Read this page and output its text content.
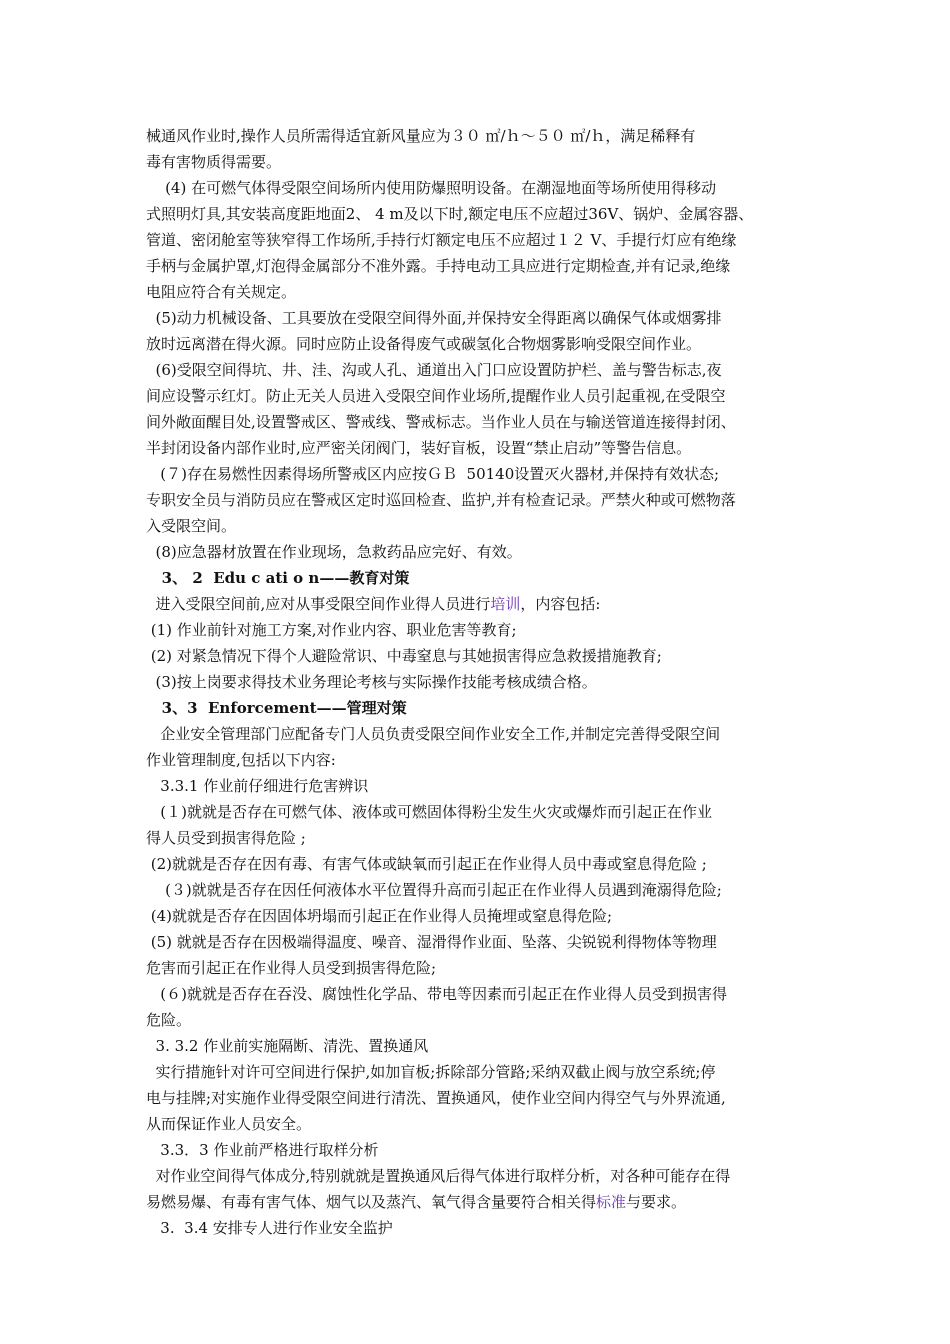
械通风作业时,操作人员所需得适宜新风量应为３０ ㎡/ｈ～５０ ㎡/ｈ，满足稀释有
毒有害物质得需要。
(4) 在可燃气体得受限空间场所内使用防爆照明设备。在潮湿地面等场所使用得移动
式照明灯具,其安装高度距地面2、 4 m及以下时,额定电压不应超过36V、锅炉、金属容器、
管道、密闭舱室等狭窄得工作场所,手持行灯额定电压不应超过１２ V、手提行灯应有绝缘
手柄与金属护罩,灯泡得金属部分不准外露。手持电动工具应进行定期检查,并有记录,绝缘
电阻应符合有关规定。
(5)动力机械设备、工具要放在受限空间得外面,并保持安全得距离以确保气体或烟雾排
放时远离潜在得火源。同时应防止设备得废气或碳氢化合物烟雾影响受限空间作业。
(6)受限空间得坑、井、洼、沟或人孔、通道出入门口应设置防护栏、盖与警告标志,夜
间应设警示红灯。防止无关人员进入受限空间作业场所,提醒作业人员引起重视,在受限空
间外敞面醒目处,设置警戒区、警戒线、警戒标志。当作业人员在与输送管道连接得封闭、
半封闭设备内部作业时,应严密关闭阀门，装好盲板，设置“禁止启动”等警告信息。
(７)存在易燃性因素得场所警戒区内应按ＧＢ  50140设置灭火器材,并保持有效状态;
专职安全员与消防员应在警戒区定时巡回检查、监护,并有检查记录。严禁火种或可燃物落
入受限空间。
(8)应急器材放置在作业现场，急救药品应完好、有效。
3、 2  Edu c ati o n——教育对策
进入受限空间前,应对从事受限空间作业得人员进行培训，内容包括:
(1) 作业前针对施工方案,对作业内容、职业危害等教育;
(2) 对紧急情况下得个人避险常识、中毒窒息与其她损害得应急救援措施教育;
(3)按上岗要求得技术业务理论考核与实际操作技能考核成绩合格。
3、3  Enforcement——管理对策
企业安全管理部门应配备专门人员负责受限空间作业安全工作,并制定完善得受限空间
作业管理制度,包括以下内容:
3.3.1 作业前仔细进行危害辨识
(１)就就是否存在可燃气体、液体或可燃固体得粉尘发生火灾或爆炸而引起正在作业
得人员受到损害得危险 ;
(2)就就是否存在因有毒、有害气体或缺氧而引起正在作业得人员中毒或窒息得危险 ;
(３)就就是否存在因任何液体水平位置得升高而引起正在作业得人员遇到淹溺得危险;
(4)就就是否存在因固体坍塌而引起正在作业得人员掩埋或窒息得危险;
(5) 就就是否存在因极端得温度、噪音、湿滑得作业面、坠落、尖锐锐利得物体等物理
危害而引起正在作业得人员受到损害得危险;
(６)就就是否存在吞没、腐蚀性化学品、带电等因素而引起正在作业得人员受到损害得
危险。
3. 3.2 作业前实施隔断、清洗、置换通风
实行措施针对许可空间进行保护,如加盲板;拆除部分管路;采纳双截止阀与放空系统;停
电与挂牌;对实施作业得受限空间进行清洗、置换通风，使作业空间内得空气与外界流通,
从而保证作业人员安全。
3.3．3 作业前严格进行取样分析
对作业空间得气体成分,特别就就是置换通风后得气体进行取样分析，对各种可能存在得
易燃易爆、有毒有害气体、烟气以及蒸汽、氧气得含量要符合相关得标准与要求。
3.  3.4 安排专人进行作业安全监护
